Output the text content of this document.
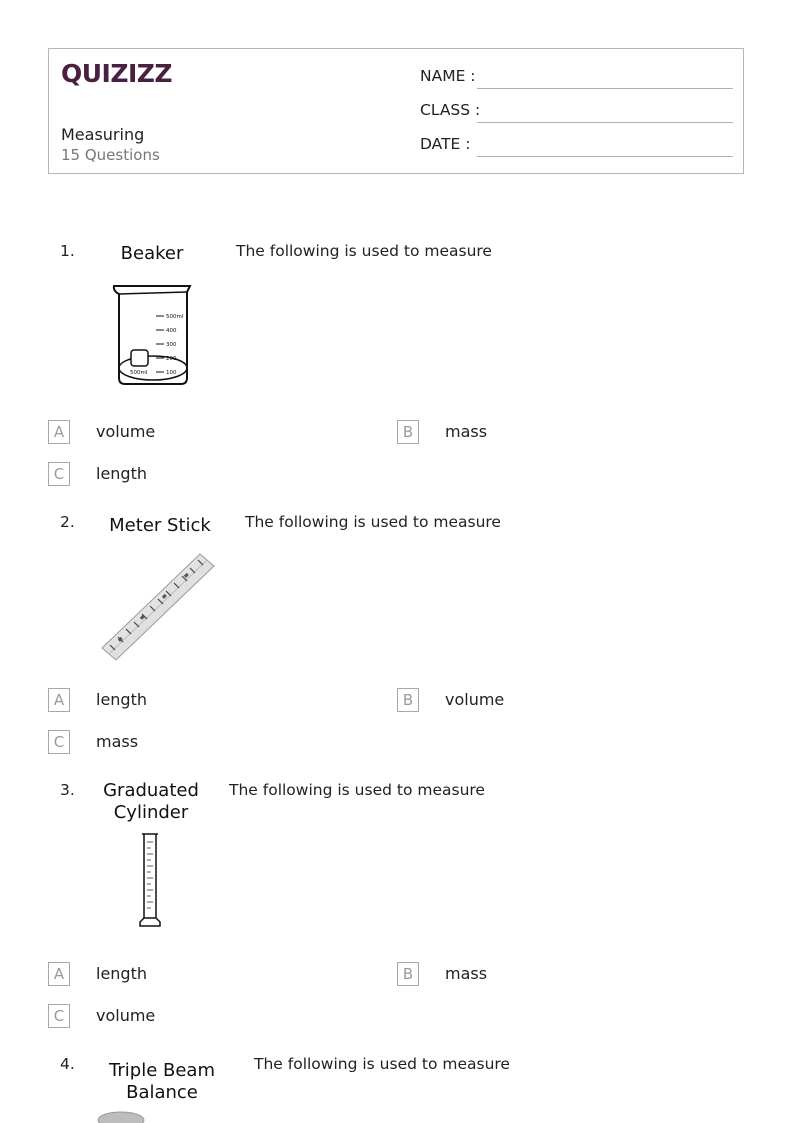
QUIZIZZ
Measuring
15 Questions
NAME :
CLASS :
DATE :
1.	Beaker
500ml
400
300
200
100
500ml
The following is used to measure
A	volume	B	mass
C	length
2.	Meter Stick	The following is used to measure
A	length	B	volume
C	mass
3.	Graduated
Cylinder
The following is used to measure
A	length	B	mass
C	volume
4.	Triple Beam
Balance
The following is used to measure
